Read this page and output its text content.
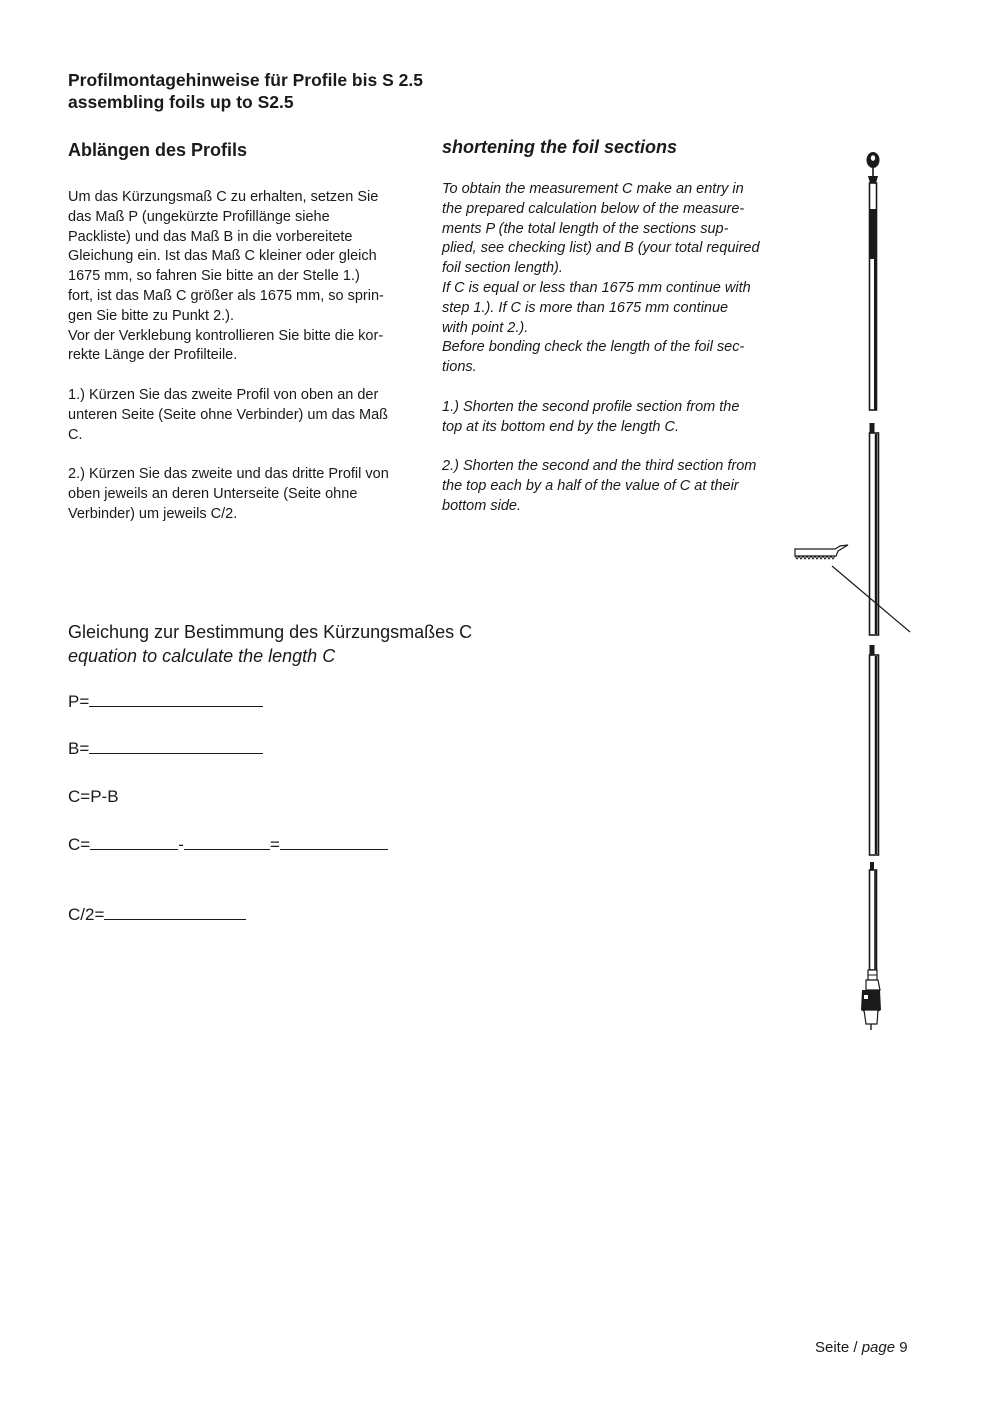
Profilmontagehinweise für Profile bis S 2.5
assembling foils up to S2.5
Ablängen des Profils
Um das Kürzungsmaß C zu erhalten, setzen Sie
das Maß P (ungekürzte Profillänge siehe
Packliste) und das Maß B in die vorbereitete
Gleichung ein. Ist das Maß C kleiner oder gleich
1675 mm, so fahren Sie bitte an der Stelle 1.)
fort, ist das Maß C größer als 1675 mm, so sprin-
gen Sie bitte zu Punkt 2.).
Vor der Verklebung kontrollieren Sie bitte die kor-
rekte Länge der Profilteile.
1.) Kürzen Sie das zweite Profil von oben an der
unteren Seite (Seite ohne Verbinder) um das Maß
C.
2.) Kürzen Sie das zweite und das dritte Profil von
oben jeweils an deren Unterseite (Seite ohne
Verbinder) um jeweils C/2.
shortening the foil sections
To obtain the measurement C make an entry in
the prepared calculation below of the measure-
ments P (the total length of the sections sup-
plied, see checking list) and B (your total required
foil section length).
If C is equal or less than 1675 mm continue with
step 1.). If C is more than 1675 mm continue
with point 2.).
Before bonding check the length of the foil sec-
tions.
1.) Shorten the second profile section from the
top at its bottom end by the length C.
2.) Shorten the second and the third section from
the top each by a half of the value of C at their
bottom side.
Gleichung zur Bestimmung des Kürzungsmaßes C
equation to calculate the length C
P=
B=
C=P-B
C=	-	=
C/2=
Seite / page 9
